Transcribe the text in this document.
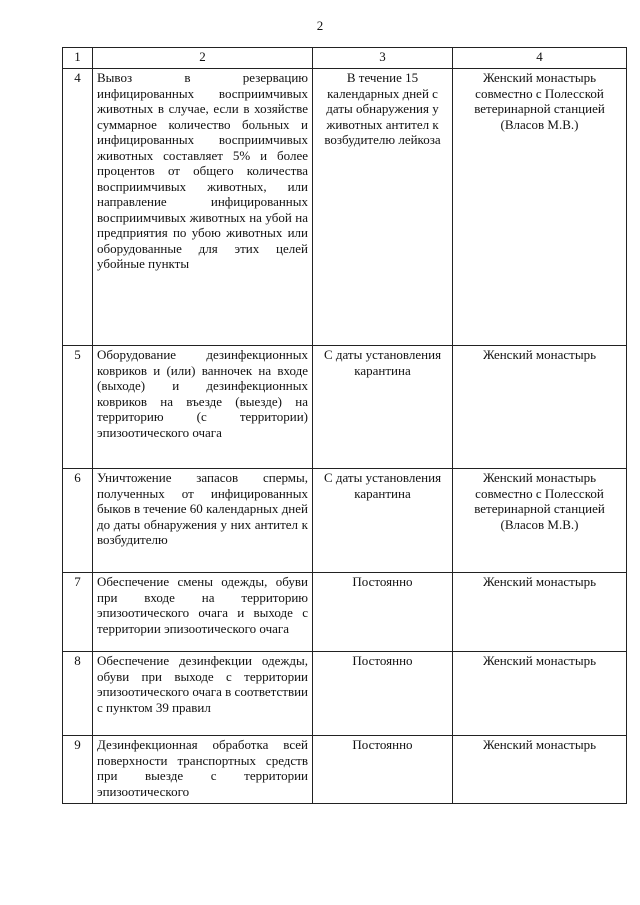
2
1	2	3	4
4	Вывоз в резервацию инфицированных восприимчивых животных в случае, если в хозяйстве суммарное количество больных и инфицированных восприимчивых животных составляет 5% и более процентов от общего количества восприимчивых животных, или направление инфицированных восприимчивых животных на убой на предприятия по убою животных или оборудованные для этих целей убойные пункты	В течение 15 календарных дней с даты обнаружения у животных антител к возбудителю лейкоза	Женский монастырь совместно с Полесской ветеринарной станцией (Власов М.В.)
5	Оборудование дезинфекционных ковриков и (или) ванночек на входе (выходе) и дезинфекционных ковриков на въезде (выезде) на территорию (с территории) эпизоотического очага	С даты установления карантина	Женский монастырь
6	Уничтожение запасов спермы, полученных от инфицированных быков в течение 60 календарных дней до даты обнаружения у них антител к возбудителю	С даты установления карантина	Женский монастырь совместно с Полесской ветеринарной станцией (Власов М.В.)
7	Обеспечение смены одежды, обуви при входе на территорию эпизоотического очага и выходе с территории эпизоотического очага	Постоянно	Женский монастырь
8	Обеспечение дезинфекции одежды, обуви при выходе с территории эпизоотического очага в соответствии с пунктом 39 правил	Постоянно	Женский монастырь
9	Дезинфекционная обработка всей поверхности транспортных средств при выезде с территории эпизоотического	Постоянно	Женский монастырь
